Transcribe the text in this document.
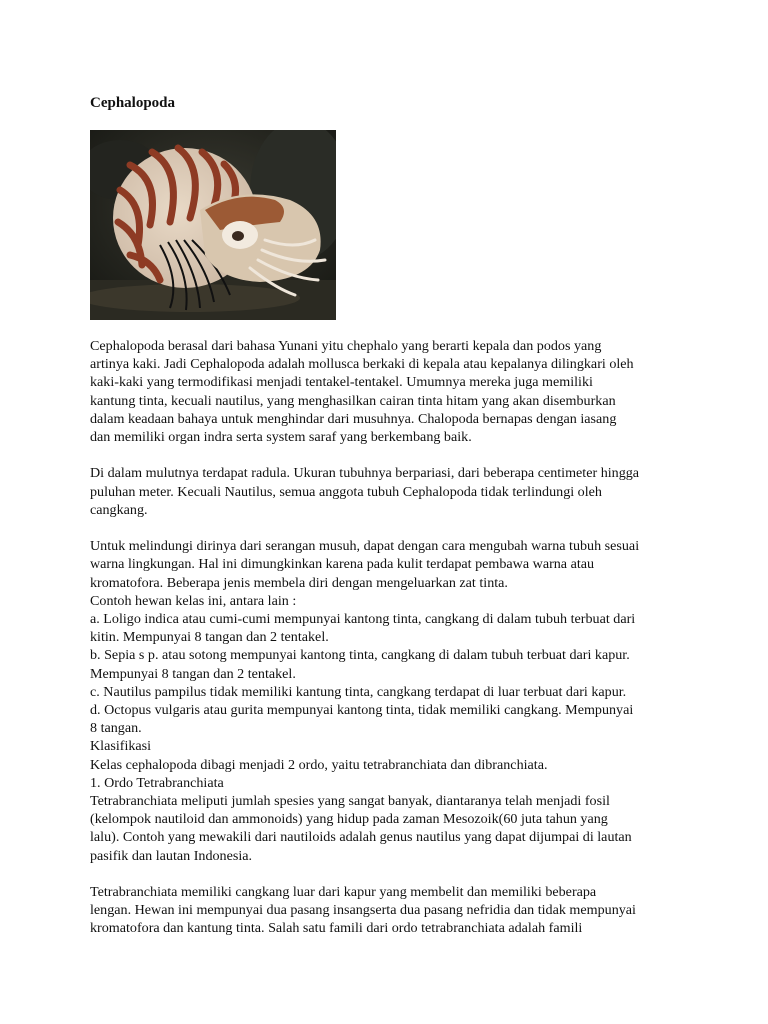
Cephalopoda

Cephalopoda berasal dari bahasa Yunani yitu chephalo yang berarti kepala dan podos yang

artinya kaki. Jadi Cephalopoda adalah mollusca berkaki di kepala atau kepalanya dilingkari oleh

kaki-kaki yang termodifikasi menjadi tentakel-tentakel. Umumnya mereka juga memiliki

kantung tinta, kecuali nautilus, yang menghasilkan cairan tinta hitam yang akan disemburkan

dalam keadaan bahaya untuk menghindar dari musuhnya. Chalopoda bernapas dengan iasang

dan memiliki organ indra serta system saraf yang berkembang baik.

Di dalam mulutnya terdapat radula. Ukuran tubuhnya berpariasi, dari beberapa centimeter hingga

puluhan meter. Kecuali Nautilus, semua anggota tubuh Cephalopoda tidak terlindungi oleh

cangkang.

Untuk melindungi dirinya dari serangan musuh, dapat dengan cara mengubah warna tubuh sesuai

warna lingkungan. Hal ini dimungkinkan karena pada kulit terdapat pembawa warna atau

kromatofora. Beberapa jenis membela diri dengan mengeluarkan zat tinta.

Contoh hewan kelas ini, antara lain :

a. Loligo indica atau cumi-cumi mempunyai kantong tinta, cangkang di dalam tubuh terbuat dari

kitin. Mempunyai 8 tangan dan 2 tentakel.

b. Sepia s p. atau sotong mempunyai kantong tinta, cangkang di dalam tubuh terbuat dari kapur.

Mempunyai 8 tangan dan 2 tentakel.

c. Nautilus pampilus tidak memiliki kantung tinta, cangkang terdapat di luar terbuat dari kapur.

d. Octopus vulgaris atau gurita mempunyai kantong tinta, tidak memiliki cangkang. Mempunyai

8 tangan.

Klasifikasi

Kelas cephalopoda dibagi menjadi 2 ordo, yaitu tetrabranchiata dan dibranchiata.

1. Ordo Tetrabranchiata

Tetrabranchiata meliputi jumlah spesies yang sangat banyak, diantaranya telah menjadi fosil

(kelompok nautiloid dan ammonoids) yang hidup pada zaman Mesozoik(60 juta tahun yang

lalu). Contoh yang mewakili dari nautiloids adalah genus nautilus yang dapat dijumpai di lautan

pasifik dan lautan Indonesia.

Tetrabranchiata memiliki cangkang luar dari kapur yang membelit dan memiliki beberapa

lengan. Hewan ini mempunyai dua pasang insangserta dua pasang nefridia dan tidak mempunyai

kromatofora dan kantung tinta. Salah satu famili dari ordo tetrabranchiata adalah famili
